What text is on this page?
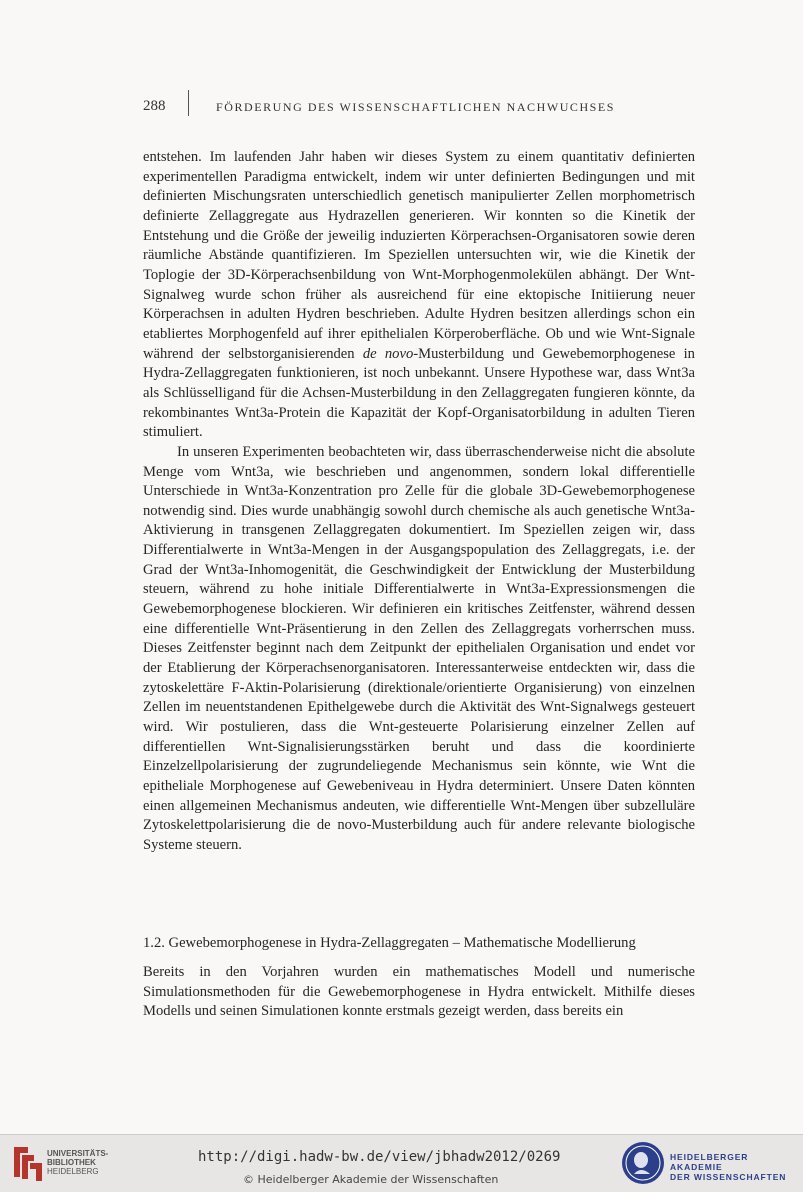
288	FÖRDERUNG DES WISSENSCHAFTLICHEN NACHWUCHSES

entstehen. Im laufenden Jahr haben wir dieses System zu einem quantitativ definierten experimentellen Paradigma entwickelt, indem wir unter definierten Bedingungen und mit definierten Mischungsraten unterschiedlich genetisch manipulierter Zellen morphometrisch definierte Zellaggregate aus Hydrazellen generieren. Wir konnten so die Kinetik der Entstehung und die Größe der jeweilig induzierten Körperachsen-Organisatoren sowie deren räumliche Abstände quantifizieren. Im Speziellen untersuchten wir, wie die Kinetik der Toplogie der 3D-Körperachsenbildung von Wnt-Morphogenmolekülen abhängt. Der Wnt-Signalweg wurde schon früher als ausreichend für eine ektopische Initiierung neuer Körperachsen in adulten Hydren beschrieben. Adulte Hydren besitzen allerdings schon ein etabliertes Morphogenfeld auf ihrer epithelialen Körperoberfläche. Ob und wie Wnt-Signale während der selbstorganisierenden de novo-Musterbildung und Gewebemorphogenese in Hydra-Zellaggregaten funktionieren, ist noch unbekannt. Unsere Hypothese war, dass Wnt3a als Schlüsselligand für die Achsen-Musterbildung in den Zellaggregaten fungieren könnte, da rekombinantes Wnt3a-Protein die Kapazität der Kopf-Organisatorbildung in adulten Tieren stimuliert.

In unseren Experimenten beobachteten wir, dass überraschenderweise nicht die absolute Menge vom Wnt3a, wie beschrieben und angenommen, sondern lokal differentielle Unterschiede in Wnt3a-Konzentration pro Zelle für die globale 3D-Gewebemorphogenese notwendig sind. Dies wurde unabhängig sowohl durch chemische als auch genetische Wnt3a-Aktivierung in transgenen Zellaggregaten dokumentiert. Im Speziellen zeigen wir, dass Differentialwerte in Wnt3a-Mengen in der Ausgangspopulation des Zellaggregats, i.e. der Grad der Wnt3a-Inhomogenität, die Geschwindigkeit der Entwicklung der Musterbildung steuern, während zu hohe initiale Differentialwerte in Wnt3a-Expressionsmengen die Gewebemorphogenese blockieren. Wir definieren ein kritisches Zeitfenster, während dessen eine differentielle Wnt-Präsentierung in den Zellen des Zellaggregats vorherrschen muss. Dieses Zeitfenster beginnt nach dem Zeitpunkt der epithelialen Organisation und endet vor der Etablierung der Körperachsenorganisatoren. Interessanterweise entdeckten wir, dass die zytoskelettäre F-Aktin-Polarisierung (direktionale/orientierte Organisierung) von einzelnen Zellen im neuentstandenen Epithelgewebe durch die Aktivität des Wnt-Signalwegs gesteuert wird. Wir postulieren, dass die Wnt-gesteuerte Polarisierung einzelner Zellen auf differentiellen Wnt-Signalisierungsstärken beruht und dass die koordinierte Einzelzellpolarisierung der zugrundeliegende Mechanismus sein könnte, wie Wnt die epitheliale Morphogenese auf Gewebeniveau in Hydra determiniert. Unsere Daten könnten einen allgemeinen Mechanismus andeuten, wie differentielle Wnt-Mengen über subzelluläre Zytoskelettpolarisierung die de novo-Musterbildung auch für andere relevante biologische Systeme steuern.

1.2. Gewebemorphogenese in Hydra-Zellaggregaten – Mathematische Modellierung

Bereits in den Vorjahren wurden ein mathematisches Modell und numerische Simulationsmethoden für die Gewebemorphogenese in Hydra entwickelt. Mithilfe dieses Modells und seinen Simulationen konnte erstmals gezeigt werden, dass bereits ein

UNIVERSITÄTS-
BIBLIOTHEK
HEIDELBERG
http://digi.hadw-bw.de/view/jbhadw2012/0269
© Heidelberger Akademie der Wissenschaften
HEIDELBERGER AKADEMIE
DER WISSENSCHAFTEN
